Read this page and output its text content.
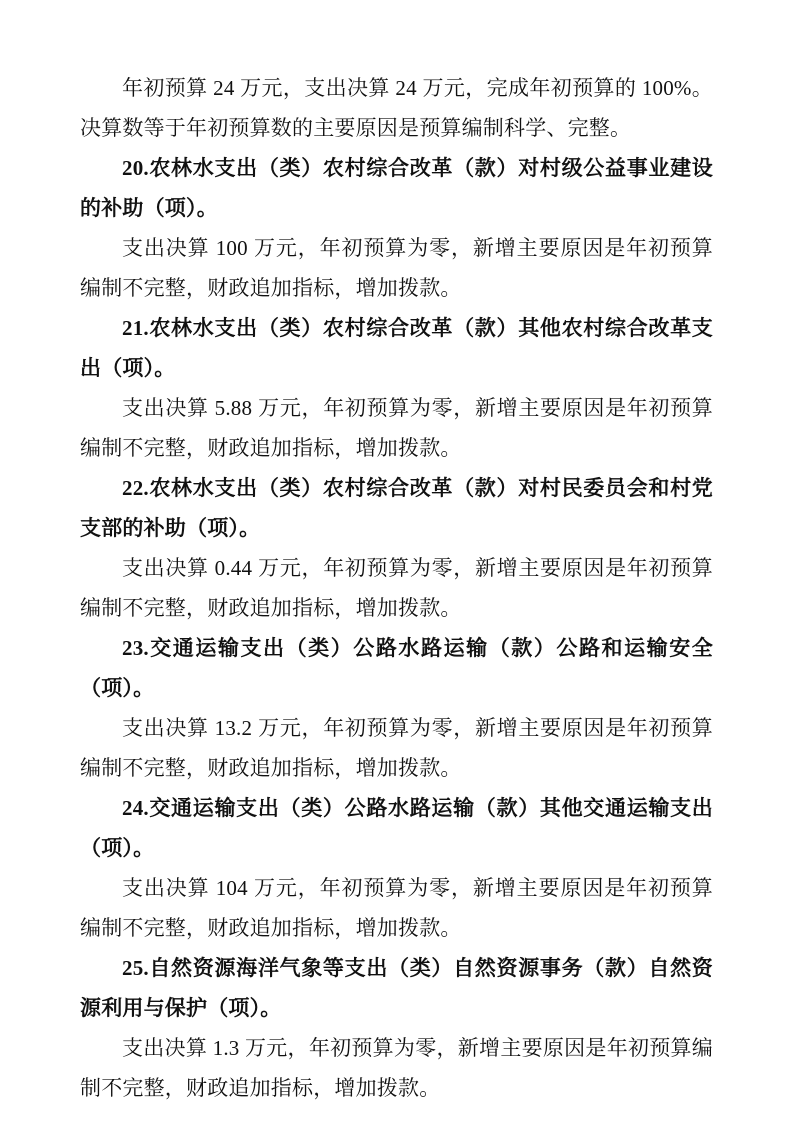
年初预算 24 万元，支出决算 24 万元，完成年初预算的 100%。决算数等于年初预算数的主要原因是预算编制科学、完整。

20.农林水支出（类）农村综合改革（款）对村级公益事业建设的补助（项）。

支出决算 100 万元，年初预算为零，新增主要原因是年初预算编制不完整，财政追加指标，增加拨款。

21.农林水支出（类）农村综合改革（款）其他农村综合改革支出（项）。

支出决算 5.88 万元，年初预算为零，新增主要原因是年初预算编制不完整，财政追加指标，增加拨款。

22.农林水支出（类）农村综合改革（款）对村民委员会和村党支部的补助（项）。

支出决算 0.44 万元，年初预算为零，新增主要原因是年初预算编制不完整，财政追加指标，增加拨款。

23.交通运输支出（类）公路水路运输（款）公路和运输安全（项）。

支出决算 13.2 万元，年初预算为零，新增主要原因是年初预算编制不完整，财政追加指标，增加拨款。

24.交通运输支出（类）公路水路运输（款）其他交通运输支出（项）。

支出决算 104 万元，年初预算为零，新增主要原因是年初预算编制不完整，财政追加指标，增加拨款。

25.自然资源海洋气象等支出（类）自然资源事务（款）自然资源利用与保护（项）。

支出决算 1.3 万元，年初预算为零，新增主要原因是年初预算编制不完整，财政追加指标，增加拨款。
